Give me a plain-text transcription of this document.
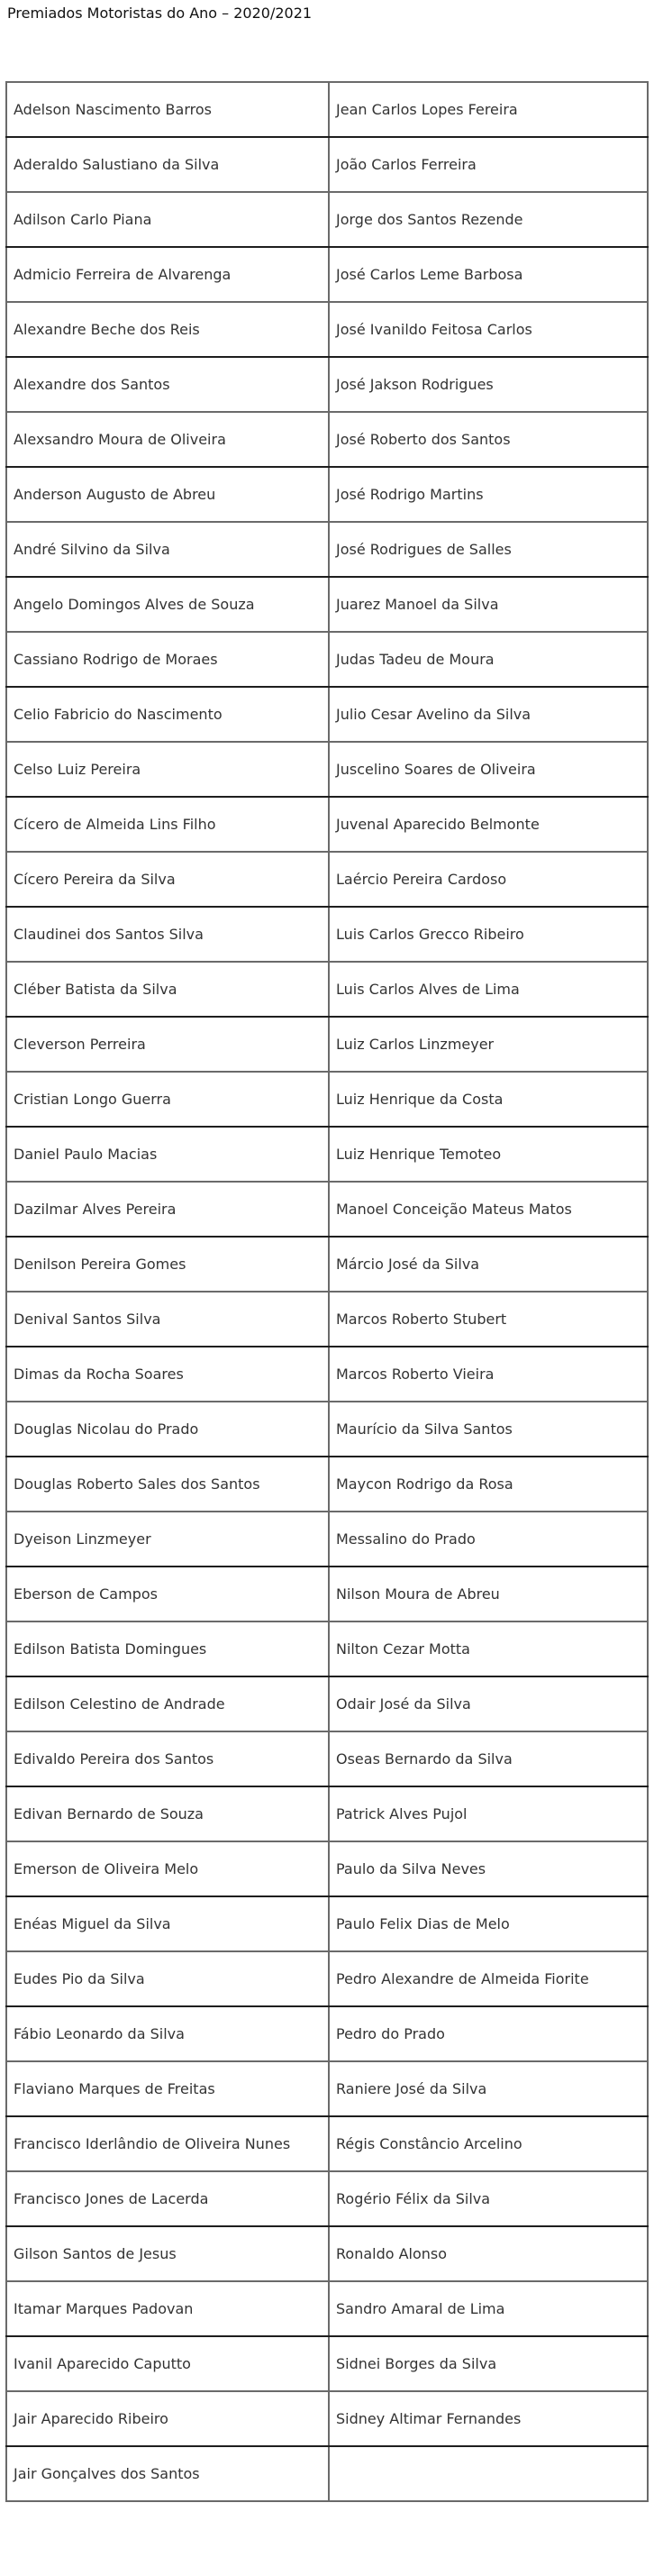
Premiados Motoristas do Ano – 2020/2021
Adelson Nascimento Barros	Jean Carlos Lopes Fereira
Aderaldo Salustiano da Silva	João Carlos Ferreira
Adilson Carlo Piana	Jorge dos Santos Rezende
Admicio Ferreira de Alvarenga	José Carlos Leme Barbosa
Alexandre Beche dos Reis	José Ivanildo Feitosa Carlos
Alexandre dos Santos	José Jakson Rodrigues
Alexsandro Moura de Oliveira	José Roberto dos Santos
Anderson Augusto de Abreu	José Rodrigo Martins
André Silvino da Silva	José Rodrigues de Salles
Angelo Domingos Alves de Souza	Juarez Manoel da Silva
Cassiano Rodrigo de Moraes	Judas Tadeu de Moura
Celio Fabricio do Nascimento	Julio Cesar Avelino da Silva
Celso Luiz Pereira	Juscelino Soares de Oliveira
Cícero de Almeida Lins Filho	Juvenal Aparecido Belmonte
Cícero Pereira da Silva	Laércio Pereira Cardoso
Claudinei dos Santos Silva	Luis Carlos Grecco Ribeiro
Cléber Batista da Silva	Luis Carlos Alves de Lima
Cleverson Perreira	Luiz Carlos Linzmeyer
Cristian Longo Guerra	Luiz Henrique da Costa
Daniel Paulo Macias	Luiz Henrique Temoteo
Dazilmar Alves Pereira	Manoel Conceição Mateus Matos
Denilson Pereira Gomes	Márcio José da Silva
Denival Santos Silva	Marcos Roberto Stubert
Dimas da Rocha Soares	Marcos Roberto Vieira
Douglas Nicolau do Prado	Maurício da Silva Santos
Douglas Roberto Sales dos Santos	Maycon Rodrigo da Rosa
Dyeison Linzmeyer	Messalino do Prado
Eberson de Campos	Nilson Moura de Abreu
Edilson Batista Domingues	Nilton Cezar Motta
Edilson Celestino de Andrade	Odair José da Silva
Edivaldo Pereira dos Santos	Oseas Bernardo da Silva
Edivan Bernardo de Souza	Patrick Alves Pujol
Emerson de Oliveira Melo	Paulo da Silva Neves
Enéas Miguel da Silva	Paulo Felix Dias de Melo
Eudes Pio da Silva	Pedro Alexandre de Almeida Fiorite
Fábio Leonardo da Silva	Pedro do Prado
Flaviano Marques de Freitas	Raniere José da Silva
Francisco Iderlândio de Oliveira Nunes	Régis Constâncio Arcelino
Francisco Jones de Lacerda	Rogério Félix da Silva
Gilson Santos de Jesus	Ronaldo Alonso
Itamar Marques Padovan	Sandro Amaral de Lima
Ivanil Aparecido Caputto	Sidnei Borges da Silva
Jair Aparecido Ribeiro	Sidney Altimar Fernandes
Jair Gonçalves dos Santos	
